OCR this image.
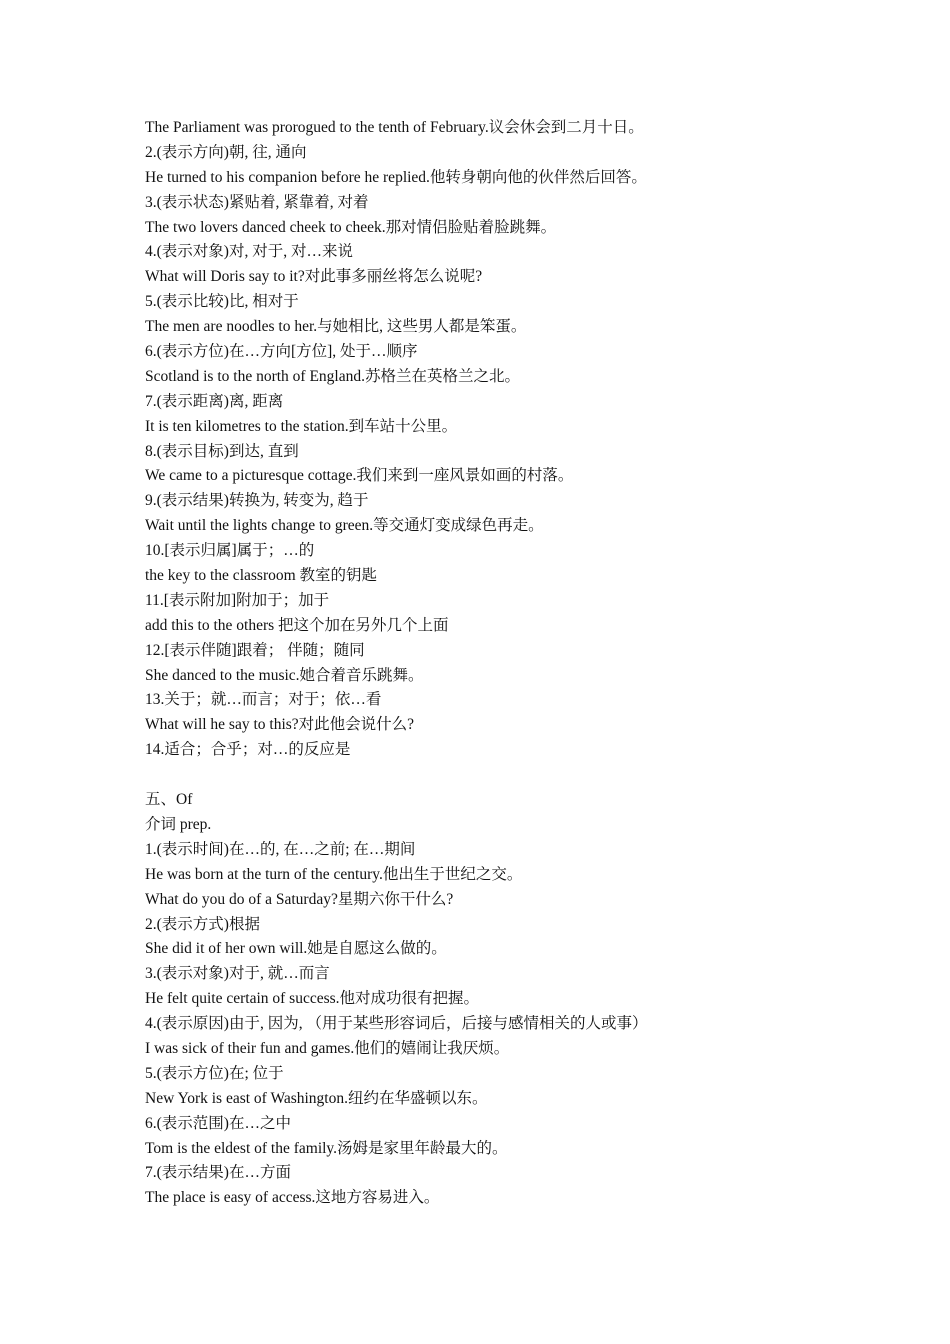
The Parliament was prorogued to the tenth of February.议会休会到二月十日。
2.(表示方向)朝, 往, 通向
He turned to his companion before he replied.他转身朝向他的伙伴然后回答。
3.(表示状态)紧贴着, 紧靠着, 对着
The two lovers danced cheek to cheek.那对情侣脸贴着脸跳舞。
4.(表示对象)对, 对于, 对…来说
What will Doris say to it?对此事多丽丝将怎么说呢?
5.(表示比较)比, 相对于
The men are noodles to her.与她相比, 这些男人都是笨蛋。
6.(表示方位)在…方向[方位], 处于…顺序
Scotland is to the north of England.苏格兰在英格兰之北。
7.(表示距离)离, 距离
It is ten kilometres to the station.到车站十公里。
8.(表示目标)到达, 直到
We came to a picturesque cottage.我们来到一座风景如画的村落。
9.(表示结果)转换为, 转变为, 趋于
Wait until the lights change to green.等交通灯变成绿色再走。
10.[表示归属]属于；…的
the key to the classroom 教室的钥匙
11.[表示附加]附加于；加于
add this to the others 把这个加在另外几个上面
12.[表示伴随]跟着； 伴随；随同
She danced to the music.她合着音乐跳舞。
13.关于；就…而言；对于；依…看
What will he say to this?对此他会说什么?
14.适合；合乎；对…的反应是
五、Of
介词 prep.
1.(表示时间)在…的, 在…之前; 在…期间
He was born at the turn of the century.他出生于世纪之交。
What do you do of a Saturday?星期六你干什么?
2.(表示方式)根据
She did it of her own will.她是自愿这么做的。
3.(表示对象)对于, 就…而言
He felt quite certain of success.他对成功很有把握。
4.(表示原因)由于, 因为, （用于某些形容词后，后接与感情相关的人或事）
I was sick of their fun and games.他们的嬉闹让我厌烦。
5.(表示方位)在; 位于
New York is east of Washington.纽约在华盛顿以东。
6.(表示范围)在…之中
Tom is the eldest of the family.汤姆是家里年龄最大的。
7.(表示结果)在…方面
The place is easy of access.这地方容易进入。
